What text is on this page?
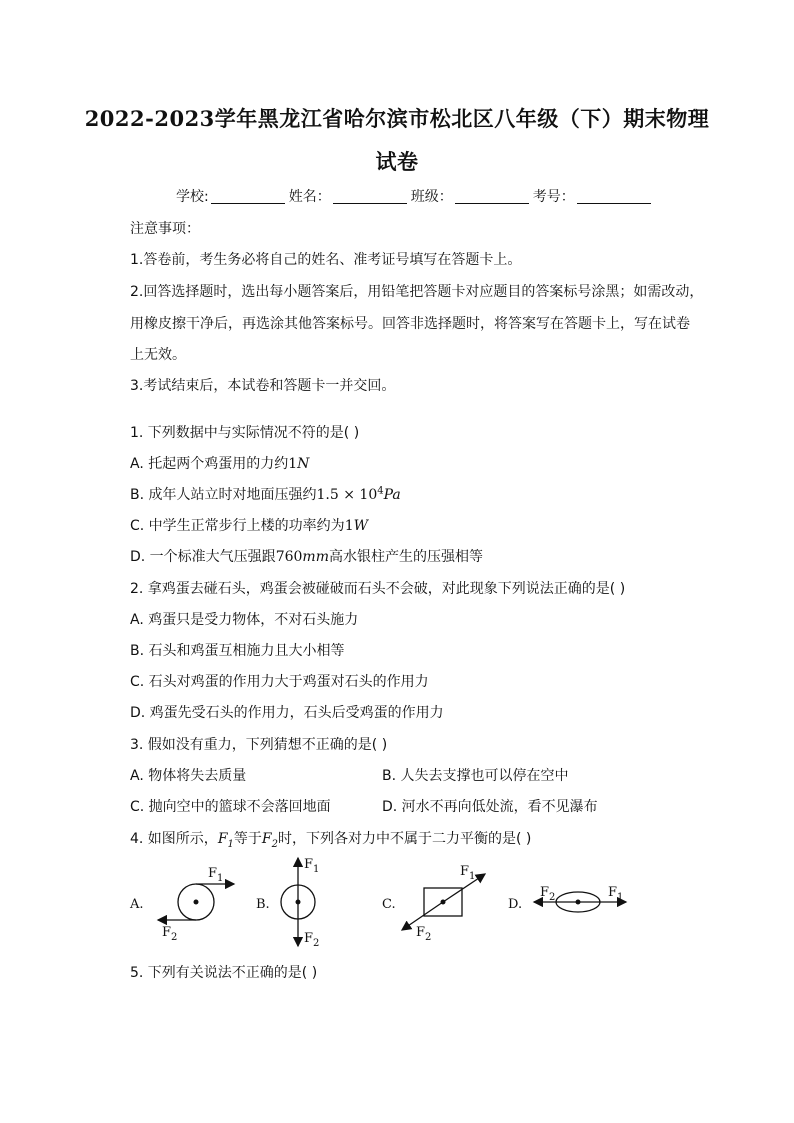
2022-2023学年黑龙江省哈尔滨市松北区八年级（下）期末物理
试卷
学校:	姓名：	班级：	考号：
注意事项：
1.答卷前，考生务必将自己的姓名、准考证号填写在答题卡上。
2.回答选择题时，选出每小题答案后，用铅笔把答题卡对应题目的答案标号涂黑；如需改动，
用橡皮擦干净后，再选涂其他答案标号。回答非选择题时，将答案写在答题卡上，写在试卷
上无效。
3.考试结束后，本试卷和答题卡一并交回。
1. 下列数据中与实际情况不符的是( )
A. 托起两个鸡蛋用的力约1N
B. 成年人站立时对地面压强约$1.5 \times 10^4Pa$
C. 中学生正常步行上楼的功率约为1W
D. 一个标准大气压强跟760mm高水银柱产生的压强相等
2. 拿鸡蛋去碰石头，鸡蛋会被碰破而石头不会破，对此现象下列说法正确的是( )
A. 鸡蛋只是受力物体，不对石头施力
B. 石头和鸡蛋互相施力且大小相等
C. 石头对鸡蛋的作用力大于鸡蛋对石头的作用力
D. 鸡蛋先受石头的作用力，石头后受鸡蛋的作用力
3. 假如没有重力，下列猜想不正确的是( )
A. 物体将失去质量	B. 人失去支撑也可以停在空中
C. 抛向空中的篮球不会落回地面	D. 河水不再向低处流，看不见瀑布
4. 如图所示，$F_1$等于$F_2$时，下列各对力中不属于二力平衡的是( )
A.
$F_1$
$F_2$
B.
$F_1$
$F_2$
C.
$F_1$
$F_2$
D.
$F_1$
$F_2$
5. 下列有关说法不正确的是( )
